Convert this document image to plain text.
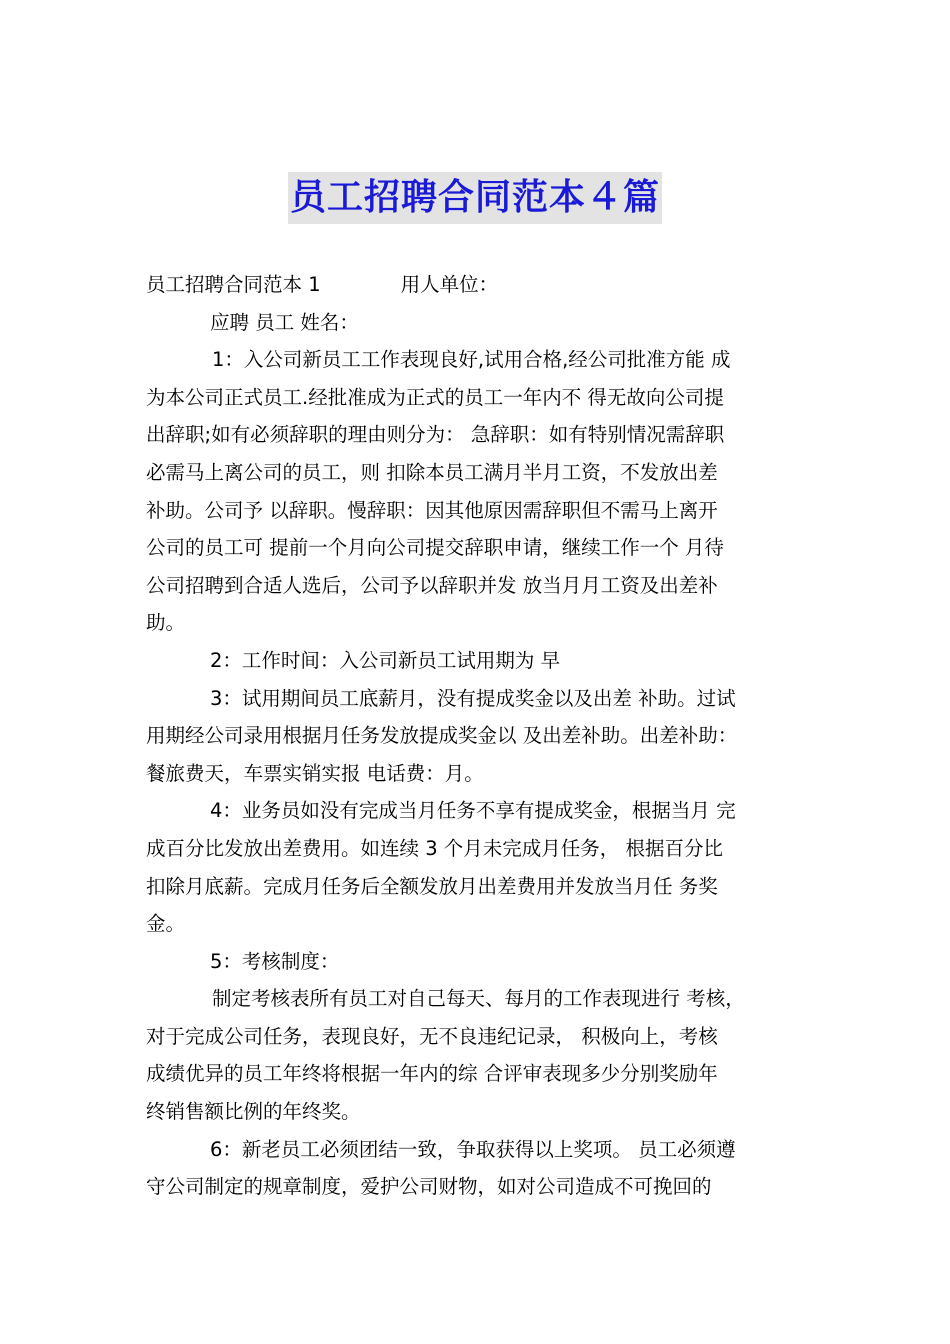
员工招聘合同范本４篇
员工招聘合同范本 1	用人单位：
应聘 员工 姓名：
1：入公司新员工工作表现良好,试用合格,经公司批准方能 成
为本公司正式员工.经批准成为正式的员工一年内不 得无故向公司提
出辞职;如有必须辞职的理由则分为： 急辞职：如有特别情况需辞职
必需马上离公司的员工，则 扣除本员工满月半月工资，不发放出差
补助。公司予 以辞职。慢辞职：因其他原因需辞职但不需马上离开
公司的员工可 提前一个月向公司提交辞职申请，继续工作一个 月待
公司招聘到合适人选后，公司予以辞职并发 放当月月工资及出差补
助。
2：工作时间：入公司新员工试用期为 早
3：试用期间员工底薪月，没有提成奖金以及出差 补助。过试
用期经公司录用根据月任务发放提成奖金以 及出差补助。出差补助：
餐旅费天，车票实销实报 电话费：月。
4：业务员如没有完成当月任务不享有提成奖金，根据当月 完
成百分比发放出差费用。如连续 3 个月未完成月任务， 根据百分比
扣除月底薪。完成月任务后全额发放月出差费用并发放当月任 务奖
金。
5：考核制度：
制定考核表所有员工对自己每天、每月的工作表现进行 考核，
对于完成公司任务，表现良好，无不良违纪记录， 积极向上，考核
成绩优异的员工年终将根据一年内的综 合评审表现多少分别奖励年
终销售额比例的年终奖。
6：新老员工必须团结一致，争取获得以上奖项。 员工必须遵
守公司制定的规章制度，爱护公司财物，如对公司造成不可挽回的
